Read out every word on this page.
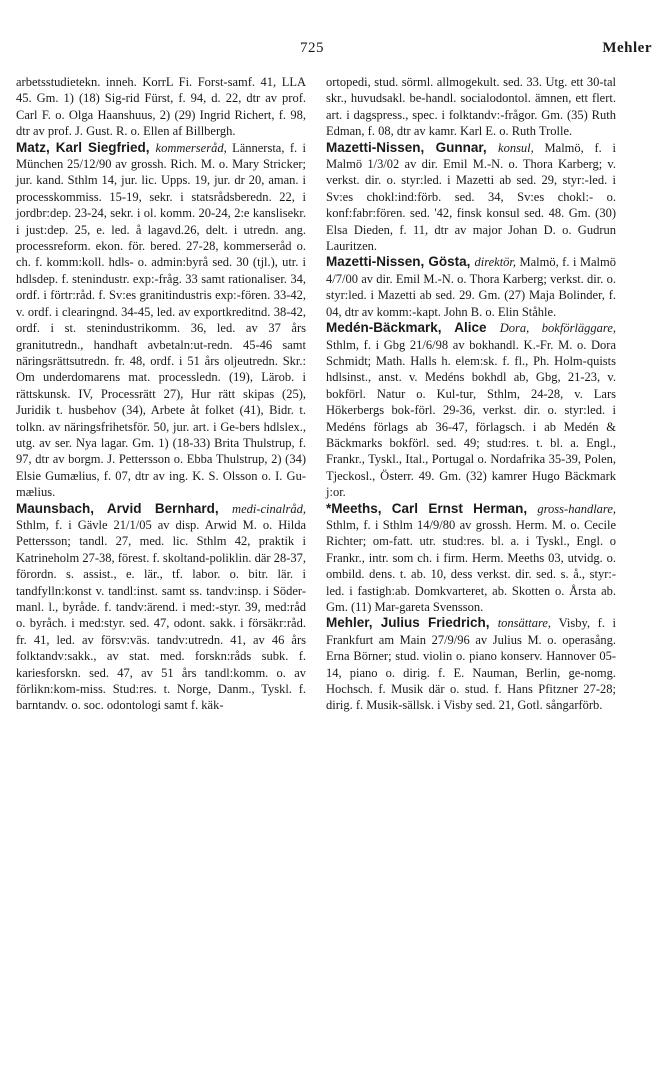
725	Mehler
arbetsstudietekn. inneh. KorrL Fi. Forst-samf. 41, LLA 45. Gm. 1) (18) Sig-rid Fürst, f. 94, d. 22, dtr av prof. Carl F. o. Olga Haanshuus, 2) (29) Ingrid Richert, f. 98, dtr av prof. J. Gust. R. o. Ellen af Billbergh.
Matz, Karl Siegfried, kommerseråd, Lännersta, f. i München 25/12/90 av grossh. Rich. M. o. Mary Stricker; jur. kand. Sthlm 14, jur. lic. Upps. 19, jur. dr 20, aman. i processkommiss. 15-19, sekr. i statsrådsberedn. 22, i jordbr:dep. 23-24, sekr. i ol. komm. 20-24, 2:e kanslisekr. i just:dep. 25, e. led. å lagavd.26, delt. i utredn. ang. processreform. ekon. för. bered. 27-28, kommerseråd o. ch. f. komm:koll. hdls- o. admin:byrå sed. 30 (tjl.), utr. i hdlsdep. f. stenindustr. exp:-fråg. 33 samt rationaliser. 34, ordf. i förtr:råd. f. Sv:es granitindustris exp:-fören. 33-42, v. ordf. i clearingnd. 34-45, led. av exportkreditnd. 38-42, ordf. i st. stenindustrikomm. 36, led. av 37 års granitutredn., handhaft avbetaln:ut-redn. 45-46 samt näringsrättsutredn. fr. 48, ordf. i 51 års oljeutredn. Skr.: Om underdomarens mat. processledn. (19), Lärob. i rättskunsk. IV, Processrätt 27), Hur rätt skipas (25), Juridik t. husbehov (34), Arbete åt folket (41), Bidr. t. tolkn. av näringsfrihetsför. 50, jur. art. i Ge-bers hdlslex., utg. av ser. Nya lagar. Gm. 1) (18-33) Brita Thulstrup, f. 97, dtr av borgm. J. Pettersson o. Ebba Thulstrup, 2) (34) Elsie Gumælius, f. 07, dtr av ing. K. S. Olsson o. I. Gu-mælius.
Maunsbach, Arvid Bernhard, medi-cinalråd, Sthlm, f. i Gävle 21/1/05 av disp. Arwid M. o. Hilda Pettersson; tandl. 27, med. lic. Sthlm 42, praktik i Katrineholm 27-38, förest. f. skoltand-poliklin. där 28-37, förordn. s. assist., e. lär., tf. labor. o. bitr. lär. i tandfylln:konst v. tandl:inst. samt ss. tandv:insp. i Söder-manl. l., byråde. f. tandv:ärend. i med:-styr. 39, med:råd o. byråch. i med:styr. sed. 47, odont. sakk. i försäkr:råd. fr. 41, led. av försv:väs. tandv:utredn. 41, av 46 års folktandv:sakk., av stat. med. forskn:råds subk. f. kariesforskn. sed. 47, av 51 års tandl:komm. o. av förlikn:kom-miss. Stud:res. t. Norge, Danm., Tyskl. f. barntandv. o. soc. odontologi samt f. käk-
ortopedi, stud. sörml. allmogekult. sed. 33. Utg. ett 30-tal skr., huvudsakl. be-handl. socialodontol. ämnen, ett flert. art. i dagspress., spec. i folktandv:-frågor. Gm. (35) Ruth Edman, f. 08, dtr av kamr. Karl E. o. Ruth Trolle.
Mazetti-Nissen, Gunnar, konsul, Malmö, f. i Malmö 1/3/02 av dir. Emil M.-N. o. Thora Karberg; v. verkst. dir. o. styr:led. i Mazetti ab sed. 29, styr:-led. i Sv:es chokl:ind:förb. sed. 34, Sv:es chokl:- o. konf:fabr:fören. sed. '42, finsk konsul sed. 48. Gm. (30) Elsa Dieden, f. 11, dtr av major Johan D. o. Gudrun Lauritzen.
Mazetti-Nissen, Gösta, direktör, Malmö, f. i Malmö 4/7/00 av dir. Emil M.-N. o. Thora Karberg; verkst. dir. o. styr:led. i Mazetti ab sed. 29. Gm. (27) Maja Bolinder, f. 04, dtr av komm:-kapt. John B. o. Elin Ståhle.
Medén-Bäckmark, Alice Dora, bokförläggare, Sthlm, f. i Gbg 21/6/98 av bokhandl. K.-Fr. M. o. Dora Schmidt; Math. Halls h. elem:sk. f. fl., Ph. Holm-quists hdlsinst., anst. v. Medéns bokhdl ab, Gbg, 21-23, v. bokförl. Natur o. Kul-tur, Sthlm, 24-28, v. Lars Hökerbergs bok-förl. 29-36, verkst. dir. o. styr:led. i Medéns förlags ab 36-47, förlagsch. i ab Medén & Bäckmarks bokförl. sed. 49; stud:res. t. bl. a. Engl., Frankr., Tyskl., Ital., Portugal o. Nordafrika 35-39, Polen, Tjeckosl., Österr. 49. Gm. (32) kamrer Hugo Bäckmark j:or.
*Meeths, Carl Ernst Herman, gross-handlare, Sthlm, f. i Sthlm 14/9/80 av grossh. Herm. M. o. Cecile Richter; om-fatt. utr. stud:res. bl. a. i Tyskl., Engl. o Frankr., intr. som ch. i firm. Herm. Meeths 03, utvidg. o. ombild. dens. t. ab. 10, dess verkst. dir. sed. s. å., styr:-led. i fastigh:ab. Domkvarteret, ab. Skotten o. Årsta ab. Gm. (11) Mar-gareta Svensson.
Mehler, Julius Friedrich, tonsättare, Visby, f. i Frankfurt am Main 27/9/96 av Julius M. o. operasång. Erna Börner; stud. violin o. piano konserv. Hannover 05-14, piano o. dirig. f. E. Nauman, Berlin, ge-nomg. Hochsch. f. Musik där o. stud. f. Hans Pfitzner 27-28; dirig. f. Musik-sällsk. i Visby sed. 21, Gotl. sångarförb.
